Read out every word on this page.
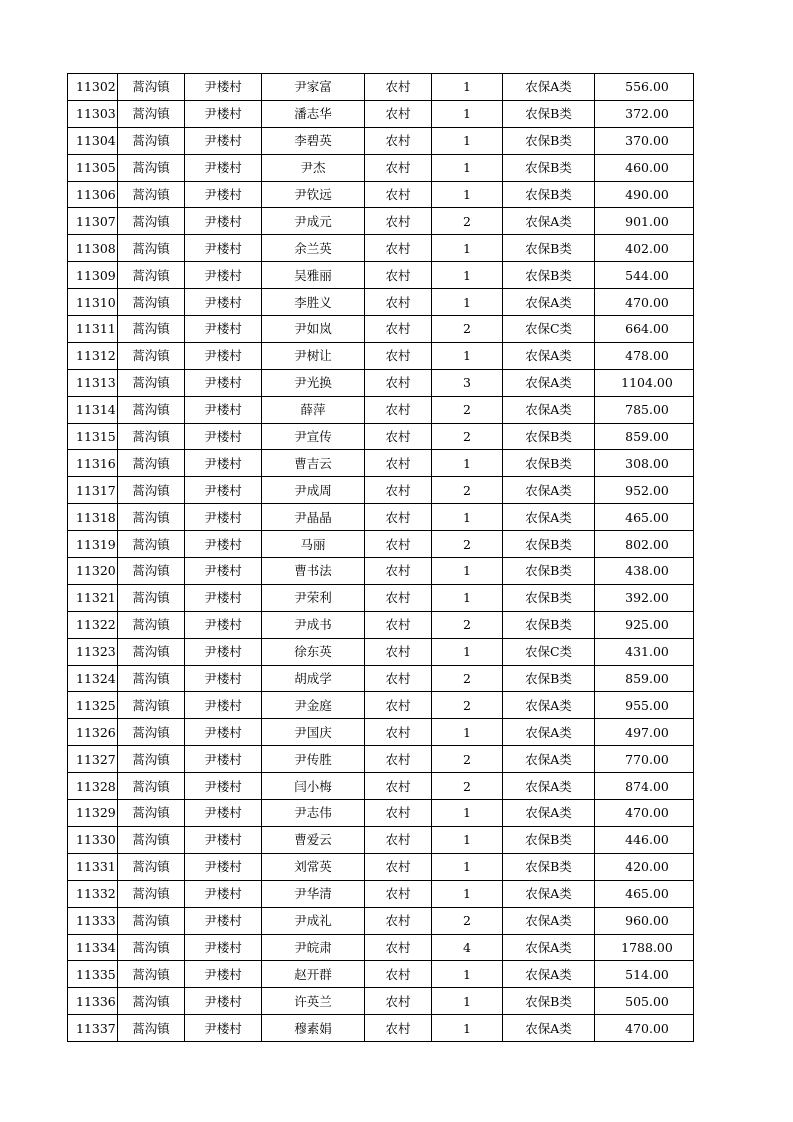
11302	蒿沟镇	尹楼村	尹家富	农村	1	农保A类	556.00
11303	蒿沟镇	尹楼村	潘志华	农村	1	农保B类	372.00
11304	蒿沟镇	尹楼村	李碧英	农村	1	农保B类	370.00
11305	蒿沟镇	尹楼村	尹杰	农村	1	农保B类	460.00
11306	蒿沟镇	尹楼村	尹钦远	农村	1	农保B类	490.00
11307	蒿沟镇	尹楼村	尹成元	农村	2	农保A类	901.00
11308	蒿沟镇	尹楼村	余兰英	农村	1	农保B类	402.00
11309	蒿沟镇	尹楼村	吴雅丽	农村	1	农保B类	544.00
11310	蒿沟镇	尹楼村	李胜义	农村	1	农保A类	470.00
11311	蒿沟镇	尹楼村	尹如岚	农村	2	农保C类	664.00
11312	蒿沟镇	尹楼村	尹树让	农村	1	农保A类	478.00
11313	蒿沟镇	尹楼村	尹光换	农村	3	农保A类	1104.00
11314	蒿沟镇	尹楼村	薛萍	农村	2	农保A类	785.00
11315	蒿沟镇	尹楼村	尹宣传	农村	2	农保B类	859.00
11316	蒿沟镇	尹楼村	曹吉云	农村	1	农保B类	308.00
11317	蒿沟镇	尹楼村	尹成周	农村	2	农保A类	952.00
11318	蒿沟镇	尹楼村	尹晶晶	农村	1	农保A类	465.00
11319	蒿沟镇	尹楼村	马丽	农村	2	农保B类	802.00
11320	蒿沟镇	尹楼村	曹书法	农村	1	农保B类	438.00
11321	蒿沟镇	尹楼村	尹荣利	农村	1	农保B类	392.00
11322	蒿沟镇	尹楼村	尹成书	农村	2	农保B类	925.00
11323	蒿沟镇	尹楼村	徐东英	农村	1	农保C类	431.00
11324	蒿沟镇	尹楼村	胡成学	农村	2	农保B类	859.00
11325	蒿沟镇	尹楼村	尹金庭	农村	2	农保A类	955.00
11326	蒿沟镇	尹楼村	尹国庆	农村	1	农保A类	497.00
11327	蒿沟镇	尹楼村	尹传胜	农村	2	农保A类	770.00
11328	蒿沟镇	尹楼村	闫小梅	农村	2	农保A类	874.00
11329	蒿沟镇	尹楼村	尹志伟	农村	1	农保A类	470.00
11330	蒿沟镇	尹楼村	曹爱云	农村	1	农保B类	446.00
11331	蒿沟镇	尹楼村	刘常英	农村	1	农保B类	420.00
11332	蒿沟镇	尹楼村	尹华清	农村	1	农保A类	465.00
11333	蒿沟镇	尹楼村	尹成礼	农村	2	农保A类	960.00
11334	蒿沟镇	尹楼村	尹皖肃	农村	4	农保A类	1788.00
11335	蒿沟镇	尹楼村	赵开群	农村	1	农保A类	514.00
11336	蒿沟镇	尹楼村	许英兰	农村	1	农保B类	505.00
11337	蒿沟镇	尹楼村	穆素娟	农村	1	农保A类	470.00
